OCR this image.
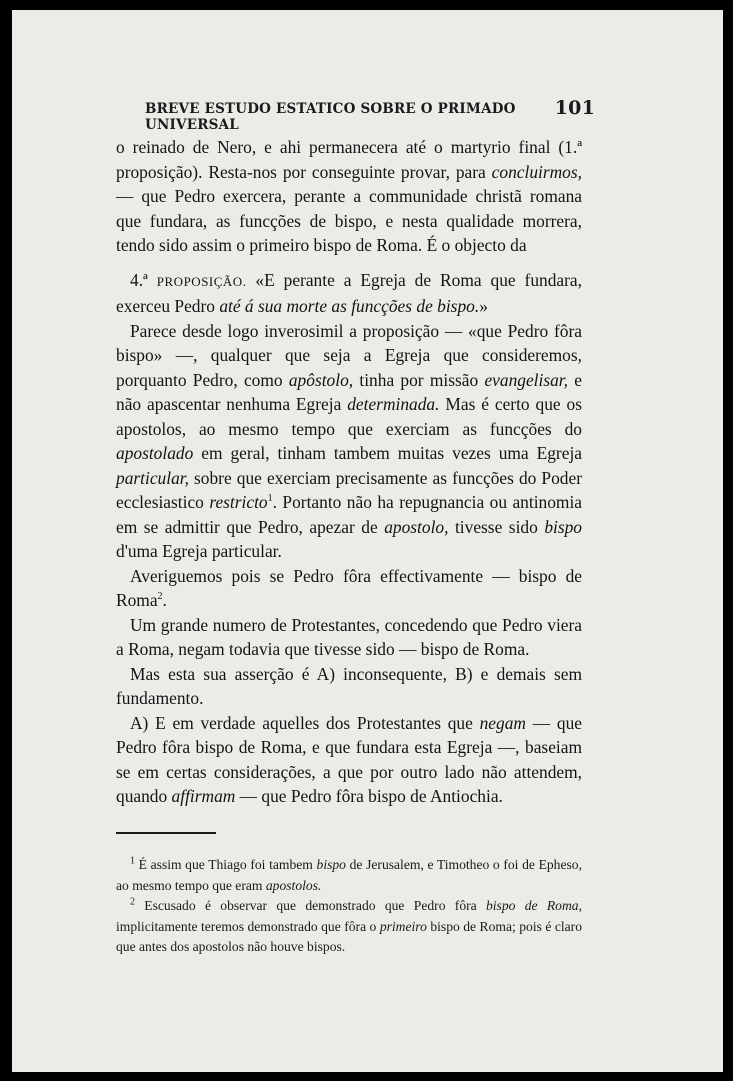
BREVE ESTUDO ESTATICO SOBRE O PRIMADO UNIVERSAL
101

o reinado de Nero, e ahi permanecera até o martyrio final (1.ª proposição). Resta-nos por conseguinte provar, para concluirmos, — que Pedro exercera, perante a communidade christã romana que fundara, as funcções de bispo, e nesta qualidade morrera, tendo sido assim o primeiro bispo de Roma. É o objecto da

4.ª PROPOSIÇÃO. «E perante a Egreja de Roma que fundara, exerceu Pedro até á sua morte as funcções de bispo.»

Parece desde logo inverosimil a proposição — «que Pedro fôra bispo» —, qualquer que seja a Egreja que consideremos, porquanto Pedro, como apôstolo, tinha por missão evangelisar, e não apascentar nenhuma Egreja determinada. Mas é certo que os apostolos, ao mesmo tempo que exerciam as funcções do apostolado em geral, tinham tambem muitas vezes uma Egreja particular, sobre que exerciam precisamente as funcções do Poder ecclesiastico restricto$^1$. Portanto não ha repugnancia ou antinomia em se admittir que Pedro, apezar de apostolo, tivesse sido bispo d'uma Egreja particular.

Averiguemos pois se Pedro fôra effectivamente — bispo de Roma$^2$.

Um grande numero de Protestantes, concedendo que Pedro viera a Roma, negam todavia que tivesse sido — bispo de Roma.

Mas esta sua asserção é A) inconsequente, B) e demais sem fundamento.

A) E em verdade aquelles dos Protestantes que negam — que Pedro fôra bispo de Roma, e que fundara esta Egreja —, baseiam se em certas considerações, a que por outro lado não attendem, quando affirmam — que Pedro fôra bispo de Antiochia.

$^1$ É assim que Thiago foi tambem bispo de Jerusalem, e Timotheo o foi de Epheso, ao mesmo tempo que eram apostolos.

$^2$ Escusado é observar que demonstrado que Pedro fôra bispo de Roma, implicitamente teremos demonstrado que fôra o primeiro bispo de Roma; pois é claro que antes dos apostolos não houve bispos.
